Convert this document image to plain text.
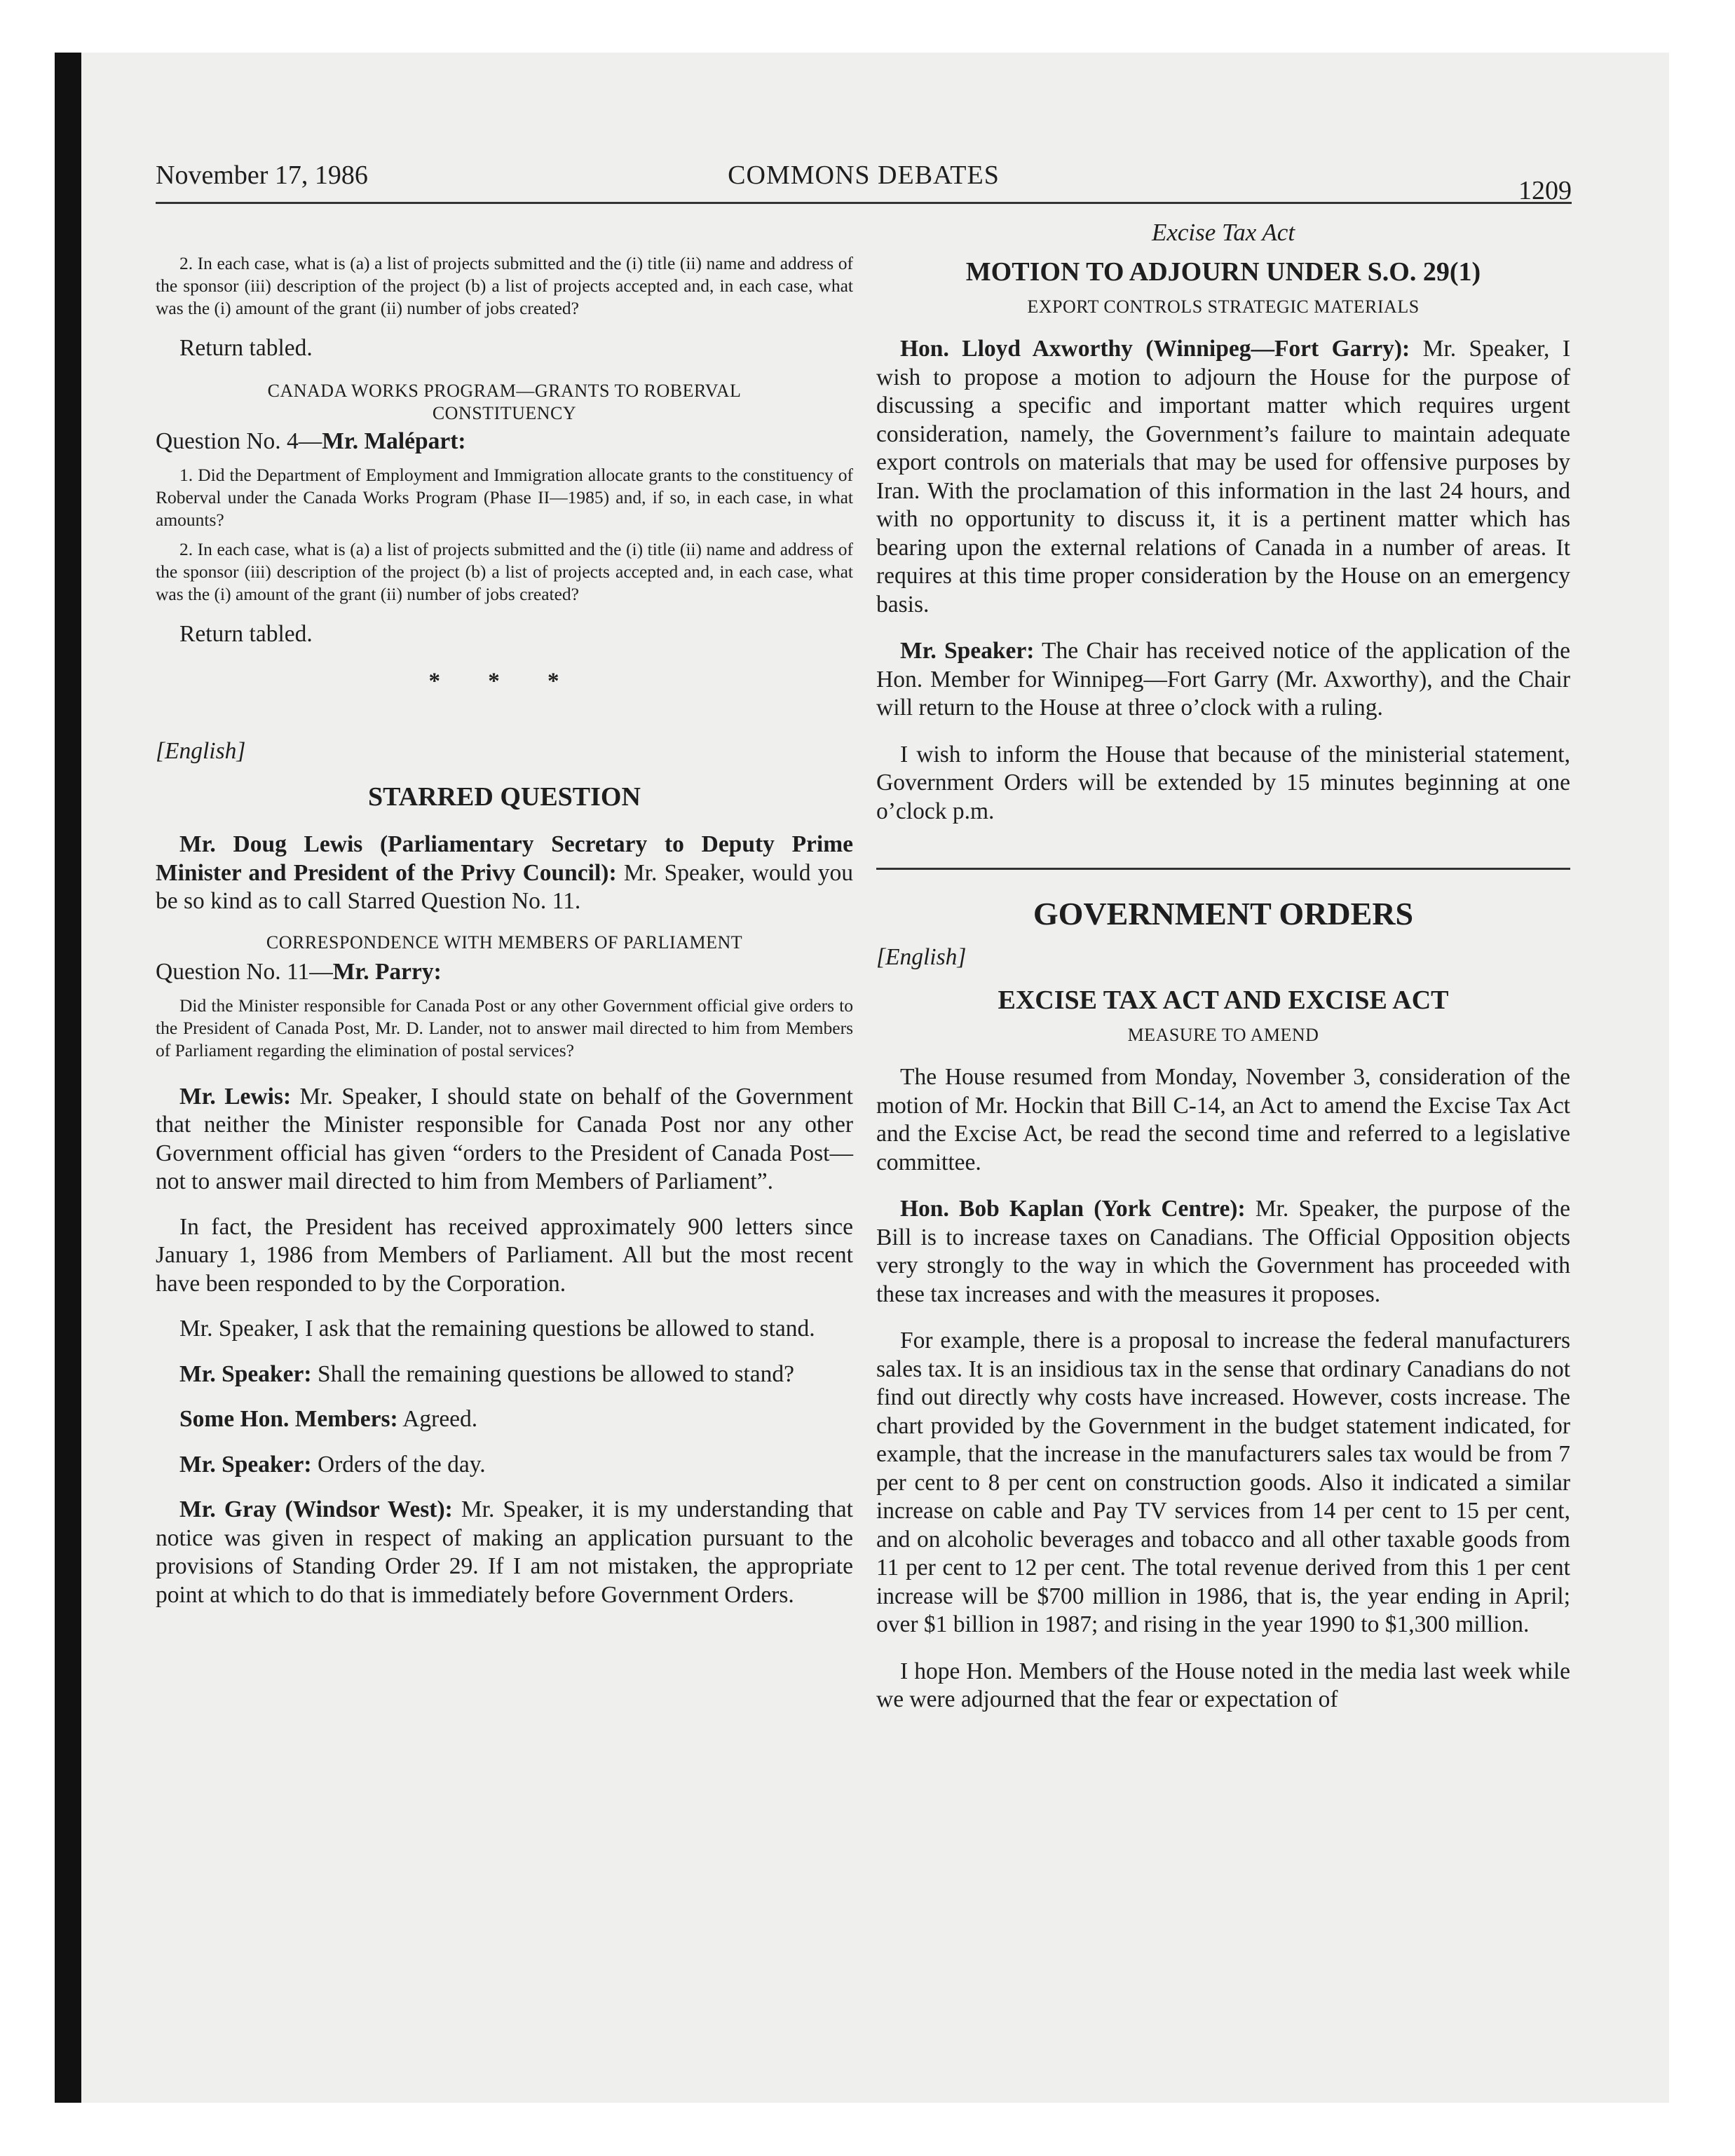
November 17, 1986	COMMONS DEBATES
1209

2. In each case, what is (a) a list of projects submitted and the (i) title (ii) name and address of the sponsor (iii) description of the project (b) a list of projects accepted and, in each case, what was the (i) amount of the grant (ii) number of jobs created?

Return tabled.

CANADA WORKS PROGRAM—GRANTS TO ROBERVAL CONSTITUENCY

Question No. 4—Mr. Malépart:

1. Did the Department of Employment and Immigration allocate grants to the constituency of Roberval under the Canada Works Program (Phase II—1985) and, if so, in each case, in what amounts?

2. In each case, what is (a) a list of projects submitted and the (i) title (ii) name and address of the sponsor (iii) description of the project (b) a list of projects accepted and, in each case, what was the (i) amount of the grant (ii) number of jobs created?

Return tabled.

* * *

[English]

STARRED QUESTION

Mr. Doug Lewis (Parliamentary Secretary to Deputy Prime Minister and President of the Privy Council): Mr. Speaker, would you be so kind as to call Starred Question No. 11.

CORRESPONDENCE WITH MEMBERS OF PARLIAMENT

Question No. 11—Mr. Parry:

Did the Minister responsible for Canada Post or any other Government official give orders to the President of Canada Post, Mr. D. Lander, not to answer mail directed to him from Members of Parliament regarding the elimination of postal services?

Mr. Lewis: Mr. Speaker, I should state on behalf of the Government that neither the Minister responsible for Canada Post nor any other Government official has given “orders to the President of Canada Post—not to answer mail directed to him from Members of Parliament”.

In fact, the President has received approximately 900 letters since January 1, 1986 from Members of Parliament. All but the most recent have been responded to by the Corporation.

Mr. Speaker, I ask that the remaining questions be allowed to stand.

Mr. Speaker: Shall the remaining questions be allowed to stand?

Some Hon. Members: Agreed.

Mr. Speaker: Orders of the day.

Mr. Gray (Windsor West): Mr. Speaker, it is my understanding that notice was given in respect of making an application pursuant to the provisions of Standing Order 29. If I am not mistaken, the appropriate point at which to do that is immediately before Government Orders.

Excise Tax Act

MOTION TO ADJOURN UNDER S.O. 29(1)

EXPORT CONTROLS STRATEGIC MATERIALS

Hon. Lloyd Axworthy (Winnipeg—Fort Garry): Mr. Speaker, I wish to propose a motion to adjourn the House for the purpose of discussing a specific and important matter which requires urgent consideration, namely, the Government’s failure to maintain adequate export controls on materials that may be used for offensive purposes by Iran. With the proclamation of this information in the last 24 hours, and with no opportunity to discuss it, it is a pertinent matter which has bearing upon the external relations of Canada in a number of areas. It requires at this time proper consideration by the House on an emergency basis.

Mr. Speaker: The Chair has received notice of the application of the Hon. Member for Winnipeg—Fort Garry (Mr. Axworthy), and the Chair will return to the House at three o’clock with a ruling.

I wish to inform the House that because of the ministerial statement, Government Orders will be extended by 15 minutes beginning at one o’clock p.m.

GOVERNMENT ORDERS

[English]

EXCISE TAX ACT AND EXCISE ACT

MEASURE TO AMEND

The House resumed from Monday, November 3, consideration of the motion of Mr. Hockin that Bill C-14, an Act to amend the Excise Tax Act and the Excise Act, be read the second time and referred to a legislative committee.

Hon. Bob Kaplan (York Centre): Mr. Speaker, the purpose of the Bill is to increase taxes on Canadians. The Official Opposition objects very strongly to the way in which the Government has proceeded with these tax increases and with the measures it proposes.

For example, there is a proposal to increase the federal manufacturers sales tax. It is an insidious tax in the sense that ordinary Canadians do not find out directly why costs have increased. However, costs increase. The chart provided by the Government in the budget statement indicated, for example, that the increase in the manufacturers sales tax would be from 7 per cent to 8 per cent on construction goods. Also it indicated a similar increase on cable and Pay TV services from 14 per cent to 15 per cent, and on alcoholic beverages and tobacco and all other taxable goods from 11 per cent to 12 per cent. The total revenue derived from this 1 per cent increase will be $700 million in 1986, that is, the year ending in April; over $1 billion in 1987; and rising in the year 1990 to $1,300 million.

I hope Hon. Members of the House noted in the media last week while we were adjourned that the fear or expectation of
